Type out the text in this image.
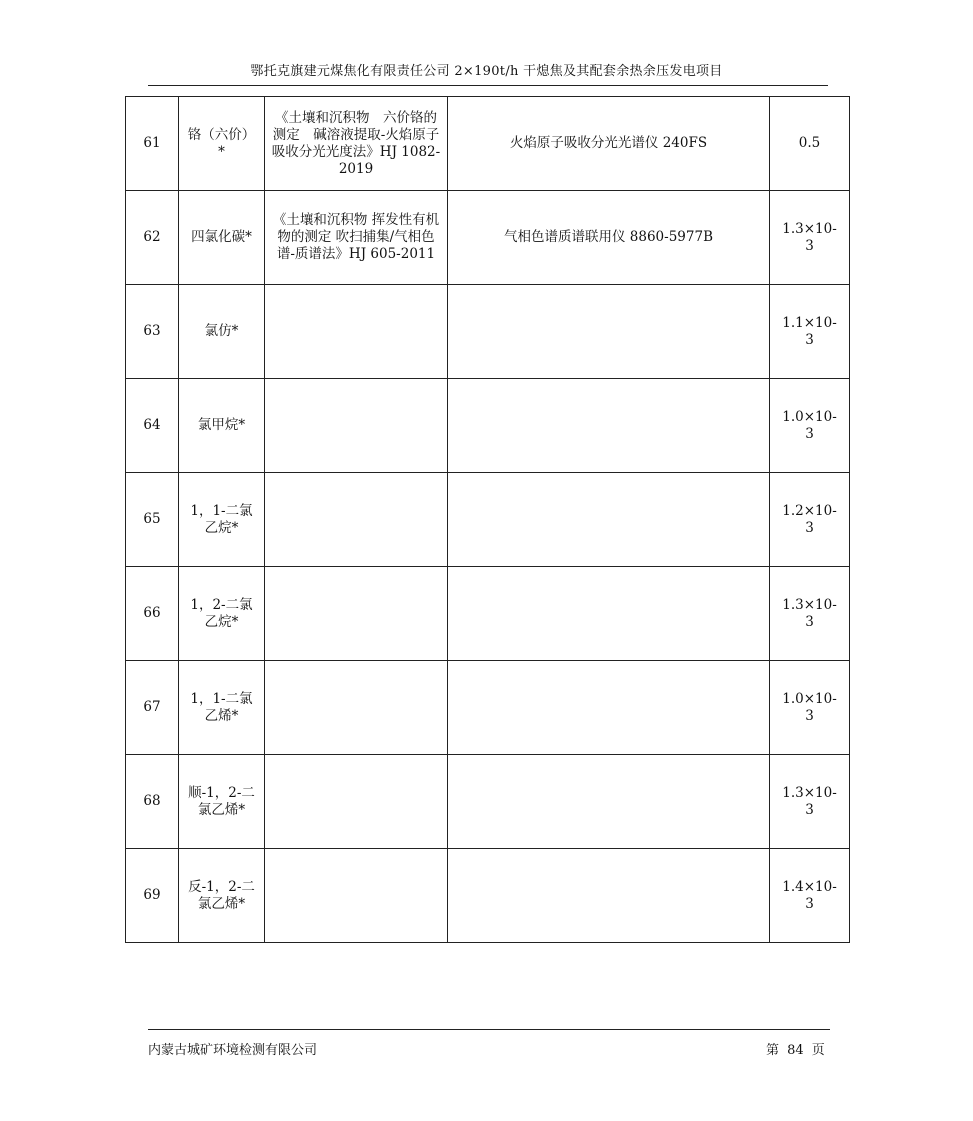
鄂托克旗建元煤焦化有限责任公司 2×190t/h 干熄焦及其配套余热余压发电项目
61	铬（六价）*	《土壤和沉积物　六价铬的测定　碱溶液提取-火焰原子吸收分光光度法》HJ 1082-2019	火焰原子吸收分光光谱仪 240FS	0.5

62	四氯化碳*	《土壤和沉积物 挥发性有机物的测定 吹扫捕集/气相色谱-质谱法》HJ 605-2011	气相色谱质谱联用仪 8860-5977B	1.3×10-3

63	氯仿*			1.1×10-3

64	氯甲烷*			1.0×10-3

65	1，1-二氯乙烷*			1.2×10-3

66	1，2-二氯乙烷*			1.3×10-3

67	1，1-二氯乙烯*			1.0×10-3

68	顺-1，2-二氯乙烯*			1.3×10-3

69	反-1，2-二氯乙烯*			1.4×10-3
内蒙古城矿环境检测有限公司	第 84 页
